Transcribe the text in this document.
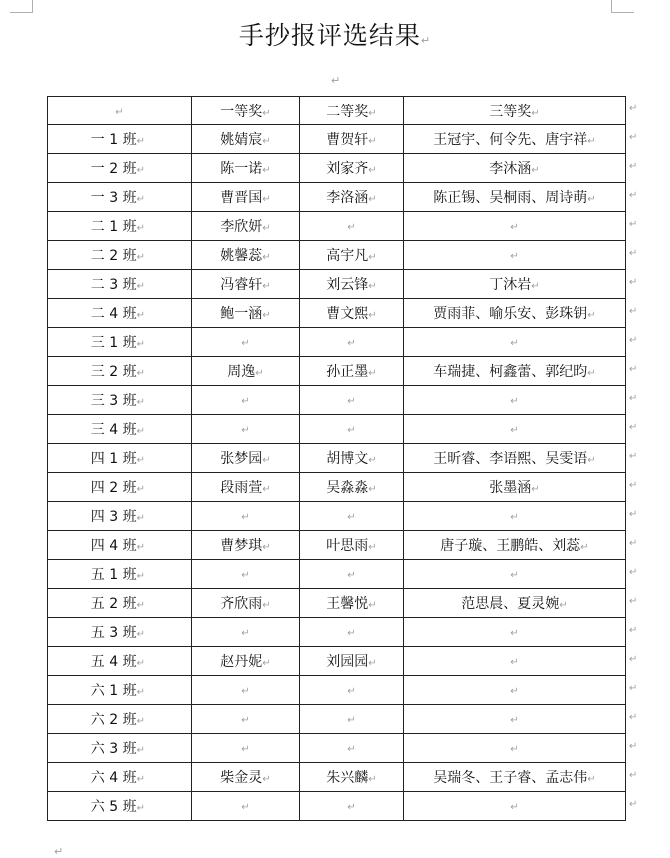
手抄报评选结果↵
↵
↵	一等奖↵	二等奖↵	三等奖↵
一 1 班↵	姚婧宸↵	曹贺轩↵	王冠宇、何令先、唐宇祥↵
一 2 班↵	陈一诺↵	刘家齐↵	李沐涵↵
一 3 班↵	曹晋国↵	李洛涵↵	陈正锡、吴桐雨、周诗萌↵
二 1 班↵	李欣妍↵	↵	↵
二 2 班↵	姚馨蕊↵	高宇凡↵	↵
二 3 班↵	冯睿轩↵	刘云锋↵	丁沐岩↵
二 4 班↵	鲍一涵↵	曹文熙↵	贾雨菲、喻乐安、彭珠钥↵
三 1 班↵	↵	↵	↵
三 2 班↵	周逸↵	孙正墨↵	车瑞捷、柯鑫蕾、郭纪昀↵
三 3 班↵	↵	↵	↵
三 4 班↵	↵	↵	↵
四 1 班↵	张梦园↵	胡博文↵	王昕睿、李语熙、吴雯语↵
四 2 班↵	段雨萱↵	吴淼淼↵	张墨涵↵
四 3 班↵	↵	↵	↵
四 4 班↵	曹梦琪↵	叶思雨↵	唐子璇、王鹏皓、刘蕊↵
五 1 班↵	↵	↵	↵
五 2 班↵	齐欣雨↵	王馨悦↵	范思晨、夏灵婉↵
五 3 班↵	↵	↵	↵
五 4 班↵	赵丹妮↵	刘园园↵	↵
六 1 班↵	↵	↵	↵
六 2 班↵	↵	↵	↵
六 3 班↵	↵	↵	↵
六 4 班↵	柴金灵↵	朱兴麟↵	吴瑞冬、王子睿、孟志伟↵
六 5 班↵	↵	↵	↵
↵
↵
↵
↵
↵
↵
↵
↵
↵
↵
↵
↵
↵
↵
↵
↵
↵
↵
↵
↵
↵
↵
↵
↵
↵
↵
